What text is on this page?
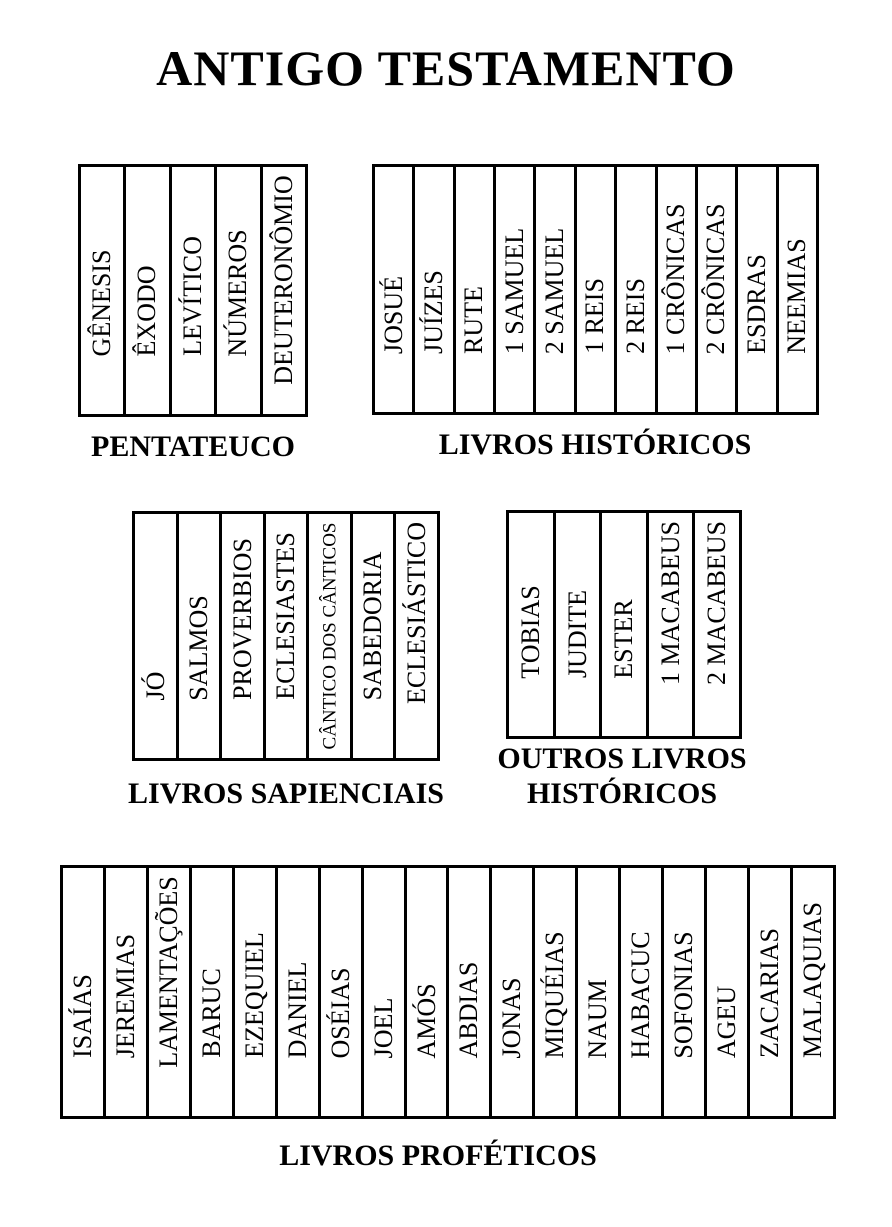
ANTIGO TESTAMENTO
GÊNESIS ÊXODO LEVÍTICO NÚMEROS DEUTERONÔMIO
PENTATEUCO
JOSUÉ JUÍZES RUTE 1 SAMUEL 2 SAMUEL 1 REIS 2 REIS 1 CRÔNICAS 2 CRÔNICAS ESDRAS NEEMIAS
LIVROS HISTÓRICOS
JÓ SALMOS PROVERBIOS ECLESIASTES CÂNTICO DOS CÂNTICOS SABEDORIA ECLESIÁSTICO
LIVROS SAPIENCIAIS
TOBIAS JUDITE ESTER 1 MACABEUS 2 MACABEUS
OUTROS LIVROS
HISTÓRICOS
ISAÍAS JEREMIAS LAMENTAÇÕES BARUC EZEQUIEL DANIEL OSÉIAS JOEL AMÓS ABDIAS JONAS MIQUÉIAS NAUM HABACUC SOFONIAS AGEU ZACARIAS MALAQUIAS
LIVROS PROFÉTICOS
